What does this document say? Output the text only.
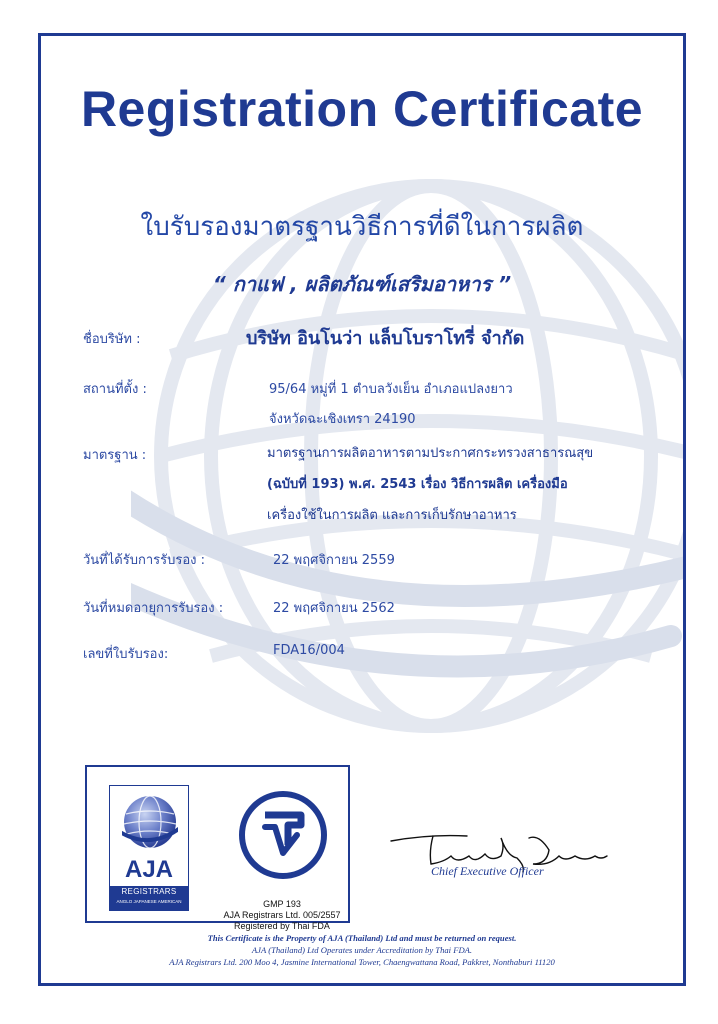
Registration Certificate
ใบรับรองมาตรฐานวิธีการที่ดีในการผลิต
“ กาแฟ , ผลิตภัณฑ์เสริมอาหาร ”
ชื่อบริษัท :	บริษัท อินโนว่า แล็บโบราโทรี่ จำกัด
สถานที่ตั้ง :	95/64 หมู่ที่ 1 ตำบลวังเย็น อำเภอแปลงยาว
จังหวัดฉะเชิงเทรา 24190
มาตรฐาน :	มาตรฐานการผลิตอาหารตามประกาศกระทรวงสาธารณสุข
(ฉบับที่ 193) พ.ศ. 2543 เรื่อง วิธีการผลิต เครื่องมือ
เครื่องใช้ในการผลิต และการเก็บรักษาอาหาร
วันที่ได้รับการรับรอง :	22 พฤศจิกายน 2559
วันที่หมดอายุการรับรอง :	22 พฤศจิกายน 2562
เลขที่ใบรับรอง:	FDA16/004
AJA
REGISTRARS
ANGLO JAPANESE AMERICAN	GMP 193
AJA Registrars Ltd. 005/2557
Registered by Thai FDA
Chief Executive Officer
This Certificate is the Property of AJA (Thailand) Ltd and must be returned on request.
AJA (Thailand) Ltd Operates under Accreditation by Thai FDA.
AJA Registrars Ltd. 200 Moo 4, Jasmine International Tower, Chaengwattana Road, Pakkret, Nonthaburi 11120
